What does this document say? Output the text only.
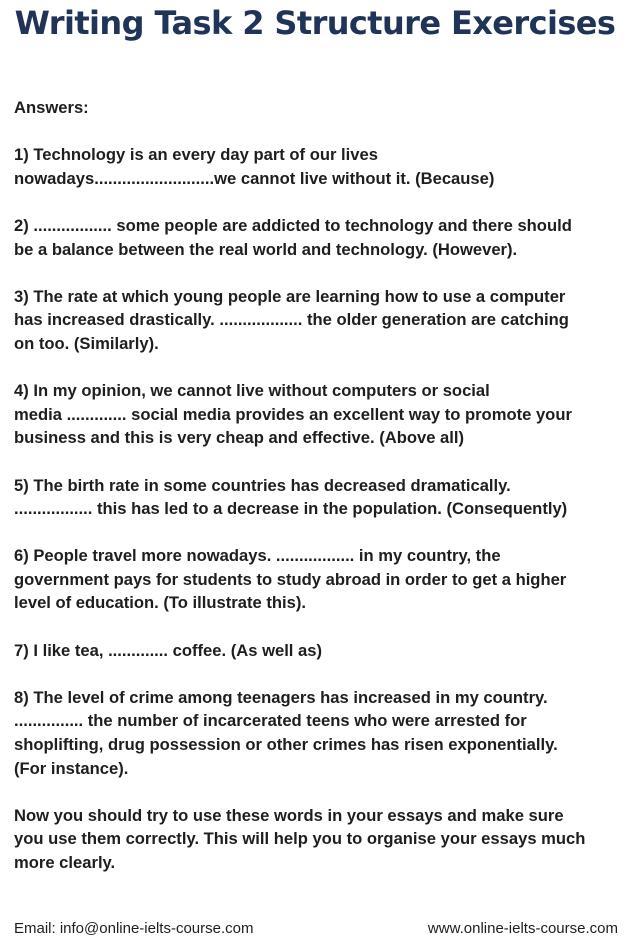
Writing Task 2 Structure Exercises

Answers:

1) Technology is an every day part of our lives
nowadays..........................we cannot live without it. (Because)

2) ................. some people are addicted to technology and there should
be a balance between the real world and technology. (However).

3) The rate at which young people are learning how to use a computer
has increased drastically. .................. the older generation are catching
on too. (Similarly).

4) In my opinion, we cannot live without computers or social
media ............. social media provides an excellent way to promote your
business and this is very cheap and effective. (Above all)

5) The birth rate in some countries has decreased dramatically.
................. this has led to a decrease in the population. (Consequently)

6) People travel more nowadays. ................. in my country, the
government pays for students to study abroad in order to get a higher
level of education. (To illustrate this).

7) I like tea, ............. coffee. (As well as)

8) The level of crime among teenagers has increased in my country.
............... the number of incarcerated teens who were arrested for
shoplifting, drug possession or other crimes has risen exponentially.
(For instance).

Now you should try to use these words in your essays and make sure
you use them correctly. This will help you to organise your essays much
more clearly.

Email: info@online-ielts-course.com	www.online-ielts-course.com
